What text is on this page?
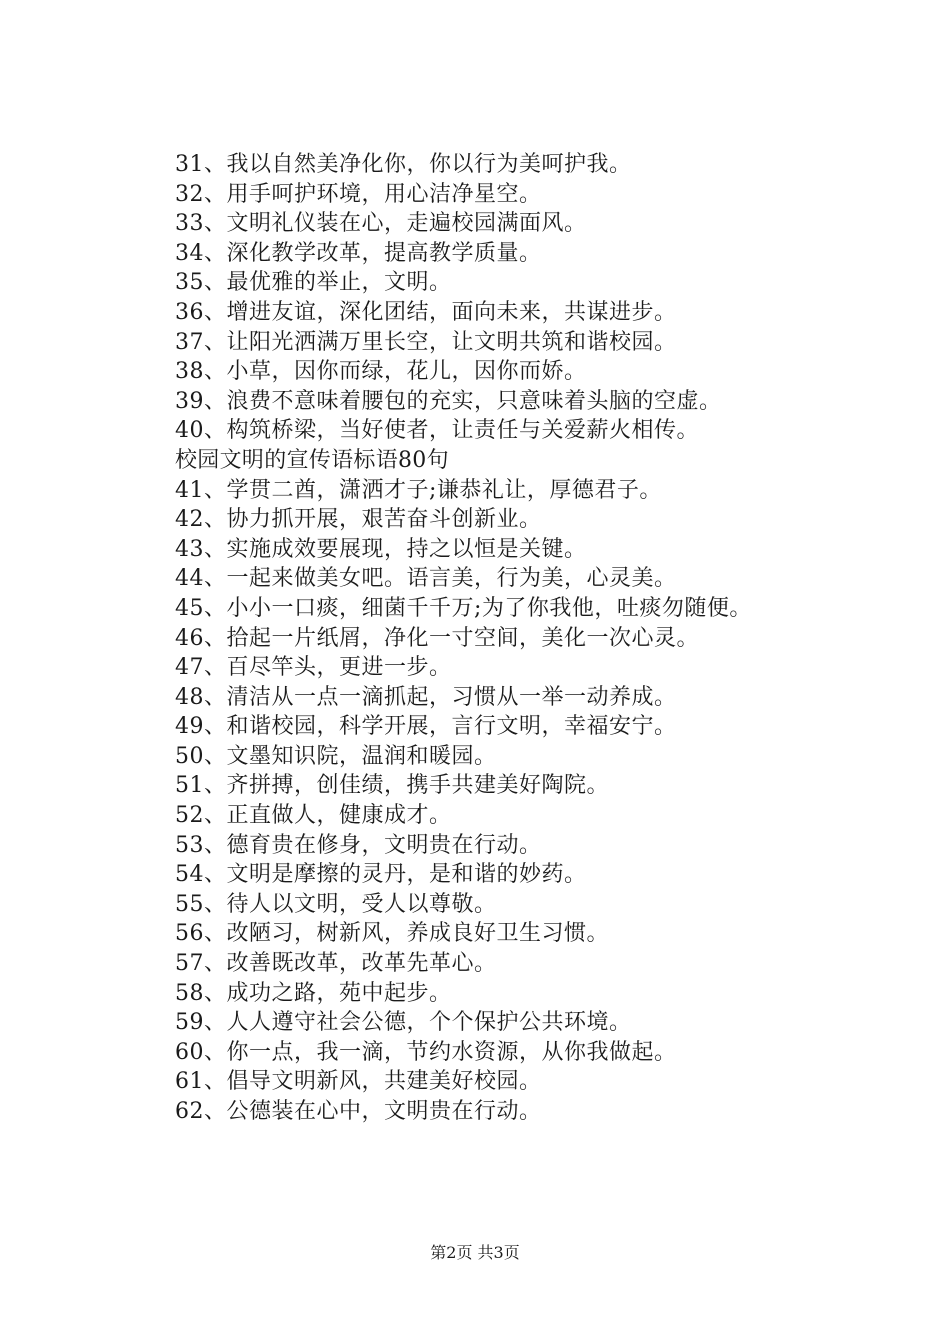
31、我以自然美净化你，你以行为美呵护我。
32、用手呵护环境，用心洁净星空。
33、文明礼仪装在心，走遍校园满面风。
34、深化教学改革，提高教学质量。
35、最优雅的举止，文明。
36、增进友谊，深化团结，面向未来，共谋进步。
37、让阳光洒满万里长空，让文明共筑和谐校园。
38、小草，因你而绿，花儿，因你而娇。
39、浪费不意味着腰包的充实，只意味着头脑的空虚。
40、构筑桥梁，当好使者，让责任与关爱薪火相传。
校园文明的宣传语标语80句
41、学贯二酋，潇洒才子;谦恭礼让，厚德君子。
42、协力抓开展，艰苦奋斗创新业。
43、实施成效要展现，持之以恒是关键。
44、一起来做美女吧。语言美，行为美，心灵美。
45、小小一口痰，细菌千千万;为了你我他，吐痰勿随便。
46、拾起一片纸屑，净化一寸空间，美化一次心灵。
47、百尽竿头，更进一步。
48、清洁从一点一滴抓起，习惯从一举一动养成。
49、和谐校园，科学开展，言行文明，幸福安宁。
50、文墨知识院，温润和暖园。
51、齐拼搏，创佳绩，携手共建美好陶院。
52、正直做人，健康成才。
53、德育贵在修身，文明贵在行动。
54、文明是摩擦的灵丹，是和谐的妙药。
55、待人以文明，受人以尊敬。
56、改陋习，树新风，养成良好卫生习惯。
57、改善既改革，改革先革心。
58、成功之路，苑中起步。
59、人人遵守社会公德，个个保护公共环境。
60、你一点，我一滴，节约水资源，从你我做起。
61、倡导文明新风，共建美好校园。
62、公德装在心中，文明贵在行动。
第2页 共3页
